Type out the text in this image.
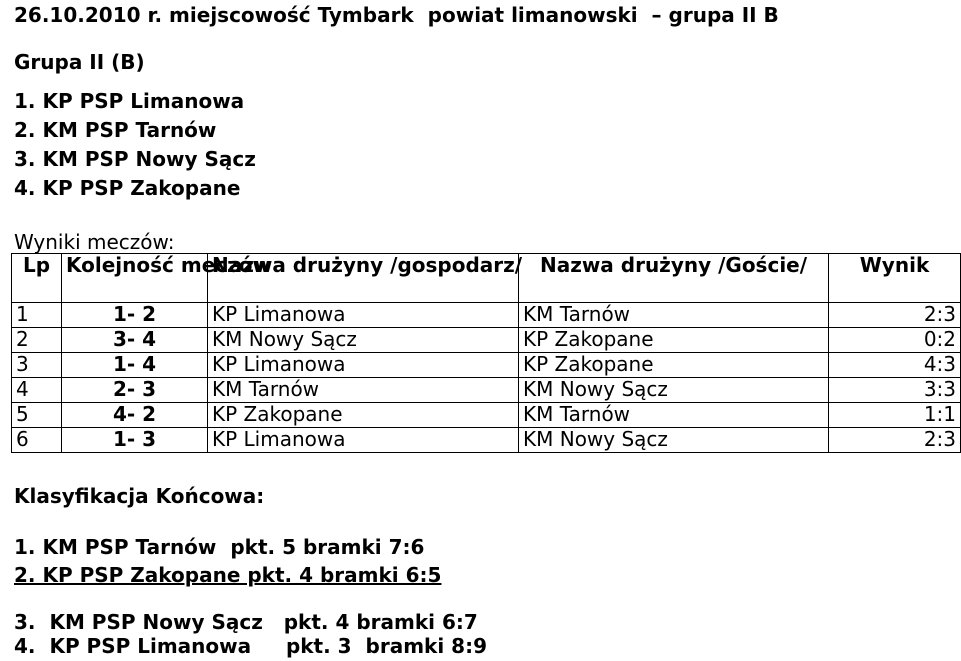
26.10.2010 r. miejscowość Tymbark  powiat limanowski  – grupa II B
Grupa II (B)
1. KP PSP Limanowa
2. KM PSP Tarnów
3. KM PSP Nowy Sącz
4. KP PSP Zakopane
Wyniki meczów:
Lp	Kolejność meczów	Nazwa drużyny /gospodarz/	Nazwa drużyny /Goście/	Wynik
1	1- 2	KP Limanowa	KM Tarnów	2:3
2	3- 4	KM Nowy Sącz	KP Zakopane	0:2
3	1- 4	KP Limanowa	KP Zakopane	4:3
4	2- 3	KM Tarnów	KM Nowy Sącz	3:3
5	4- 2	KP Zakopane	KM Tarnów	1:1
6	1- 3	KP Limanowa	KM Nowy Sącz	2:3
Klasyfikacja Końcowa:
1. KM PSP Tarnów  pkt. 5 bramki 7:6
2. KP PSP Zakopane pkt. 4 bramki 6:5
3.  KM PSP Nowy Sącz   pkt. 4 bramki 6:7
4.  KP PSP Limanowa     pkt. 3  bramki 8:9
